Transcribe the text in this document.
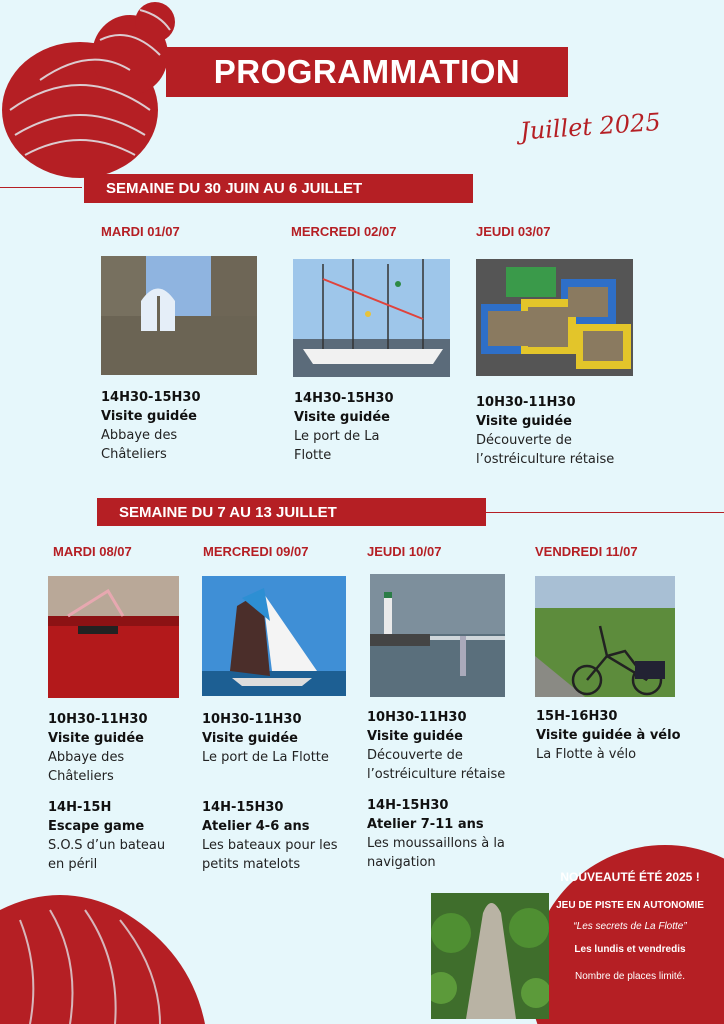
PROGRAMMATION
Juillet 2025
SEMAINE DU 30 JUIN AU 6 JUILLET
MARDI 01/07
14H30-15H30
Visite guidée
Abbaye des Châteliers
MERCREDI 02/07
14H30-15H30
Visite guidée
Le port de La Flotte
JEUDI 03/07
10H30-11H30
Visite guidée
Découverte de l’ostréiculture rétaise
SEMAINE DU 7 AU 13 JUILLET
MARDI 08/07
10H30-11H30
Visite guidée
Abbaye des Châteliers
14H-15H
Escape game
S.O.S d’un bateau en péril
MERCREDI 09/07
10H30-11H30
Visite guidée
Le port de La Flotte
14H-15H30
Atelier 4-6 ans
Les bateaux pour les petits matelots
JEUDI 10/07
10H30-11H30
Visite guidée
Découverte de l’ostréiculture rétaise
14H-15H30
Atelier 7-11 ans
Les moussaillons à la navigation
VENDREDI 11/07
15H-16H30
Visite guidée à vélo
La Flotte à vélo
NOUVEAUTÉ ÉTÉ 2025 !
JEU DE PISTE EN AUTONOMIE
“Les secrets de La Flotte”
Les lundis et vendredis
Nombre de places limité.
